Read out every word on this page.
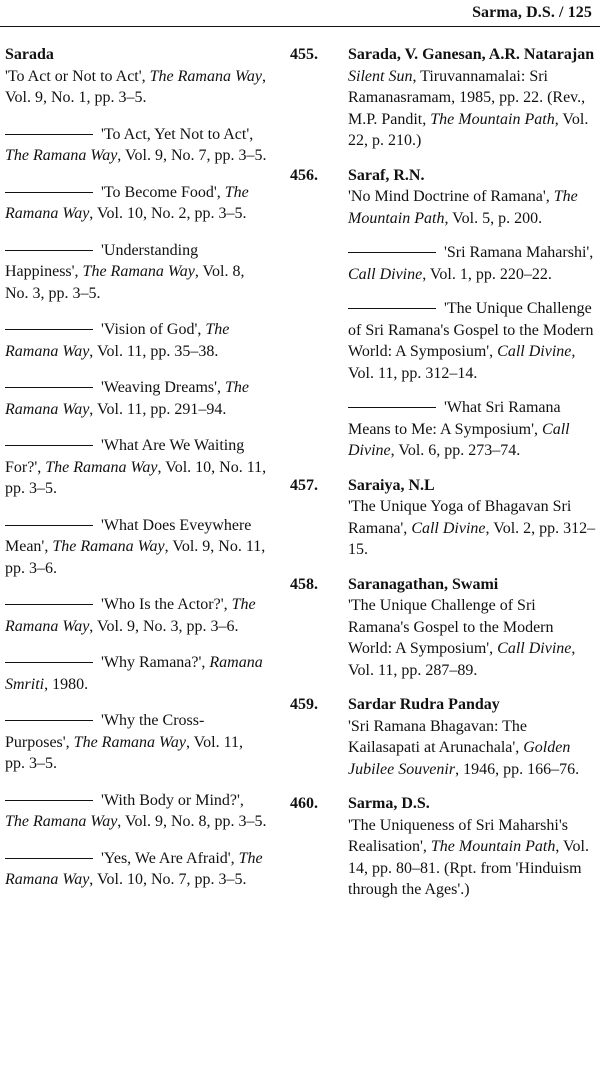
Sarma, D.S. / 125
Sarada
'To Act or Not to Act', The Ramana Way, Vol. 9, No. 1, pp. 3–5.
'To Act, Yet Not to Act', The Ramana Way, Vol. 9, No. 7, pp. 3–5.
'To Become Food', The Ramana Way, Vol. 10, No. 2, pp. 3–5.
'Understanding Happiness', The Ramana Way, Vol. 8, No. 3, pp. 3–5.
'Vision of God', The Ramana Way, Vol. 11, pp. 35–38.
'Weaving Dreams', The Ramana Way, Vol. 11, pp. 291–94.
'What Are We Waiting For?', The Ramana Way, Vol. 10, No. 11, pp. 3–5.
'What Does Eveywhere Mean', The Ramana Way, Vol. 9, No. 11, pp. 3–6.
'Who Is the Actor?', The Ramana Way, Vol. 9, No. 3, pp. 3–6.
'Why Ramana?', Ramana Smriti, 1980.
'Why the Cross-Purposes', The Ramana Way, Vol. 11, pp. 3–5.
'With Body or Mind?', The Ramana Way, Vol. 9, No. 8, pp. 3–5.
'Yes, We Are Afraid', The Ramana Way, Vol. 10, No. 7, pp. 3–5.
455. Sarada, V. Ganesan, A.R. Natarajan
Silent Sun, Tiruvannamalai: Sri Ramanasramam, 1985, pp. 22. (Rev., M.P. Pandit, The Mountain Path, Vol. 22, p. 210.)
456. Saraf, R.N.
'No Mind Doctrine of Ramana', The Mountain Path, Vol. 5, p. 200.
'Sri Ramana Maharshi', Call Divine, Vol. 1, pp. 220–22.
'The Unique Challenge of Sri Ramana's Gospel to the Modern World: A Symposium', Call Divine, Vol. 11, pp. 312–14.
'What Sri Ramana Means to Me: A Symposium', Call Divine, Vol. 6, pp. 273–74.
457. Saraiya, N.L
'The Unique Yoga of Bhagavan Sri Ramana', Call Divine, Vol. 2, pp. 312–15.
458. Saranagathan, Swami
'The Unique Challenge of Sri Ramana's Gospel to the Modern World: A Symposium', Call Divine, Vol. 11, pp. 287–89.
459. Sardar Rudra Panday
'Sri Ramana Bhagavan: The Kailasapati at Arunachala', Golden Jubilee Souvenir, 1946, pp. 166–76.
460. Sarma, D.S.
'The Uniqueness of Sri Maharshi's Realisation', The Mountain Path, Vol. 14, pp. 80–81. (Rpt. from 'Hinduism through the Ages'.)
